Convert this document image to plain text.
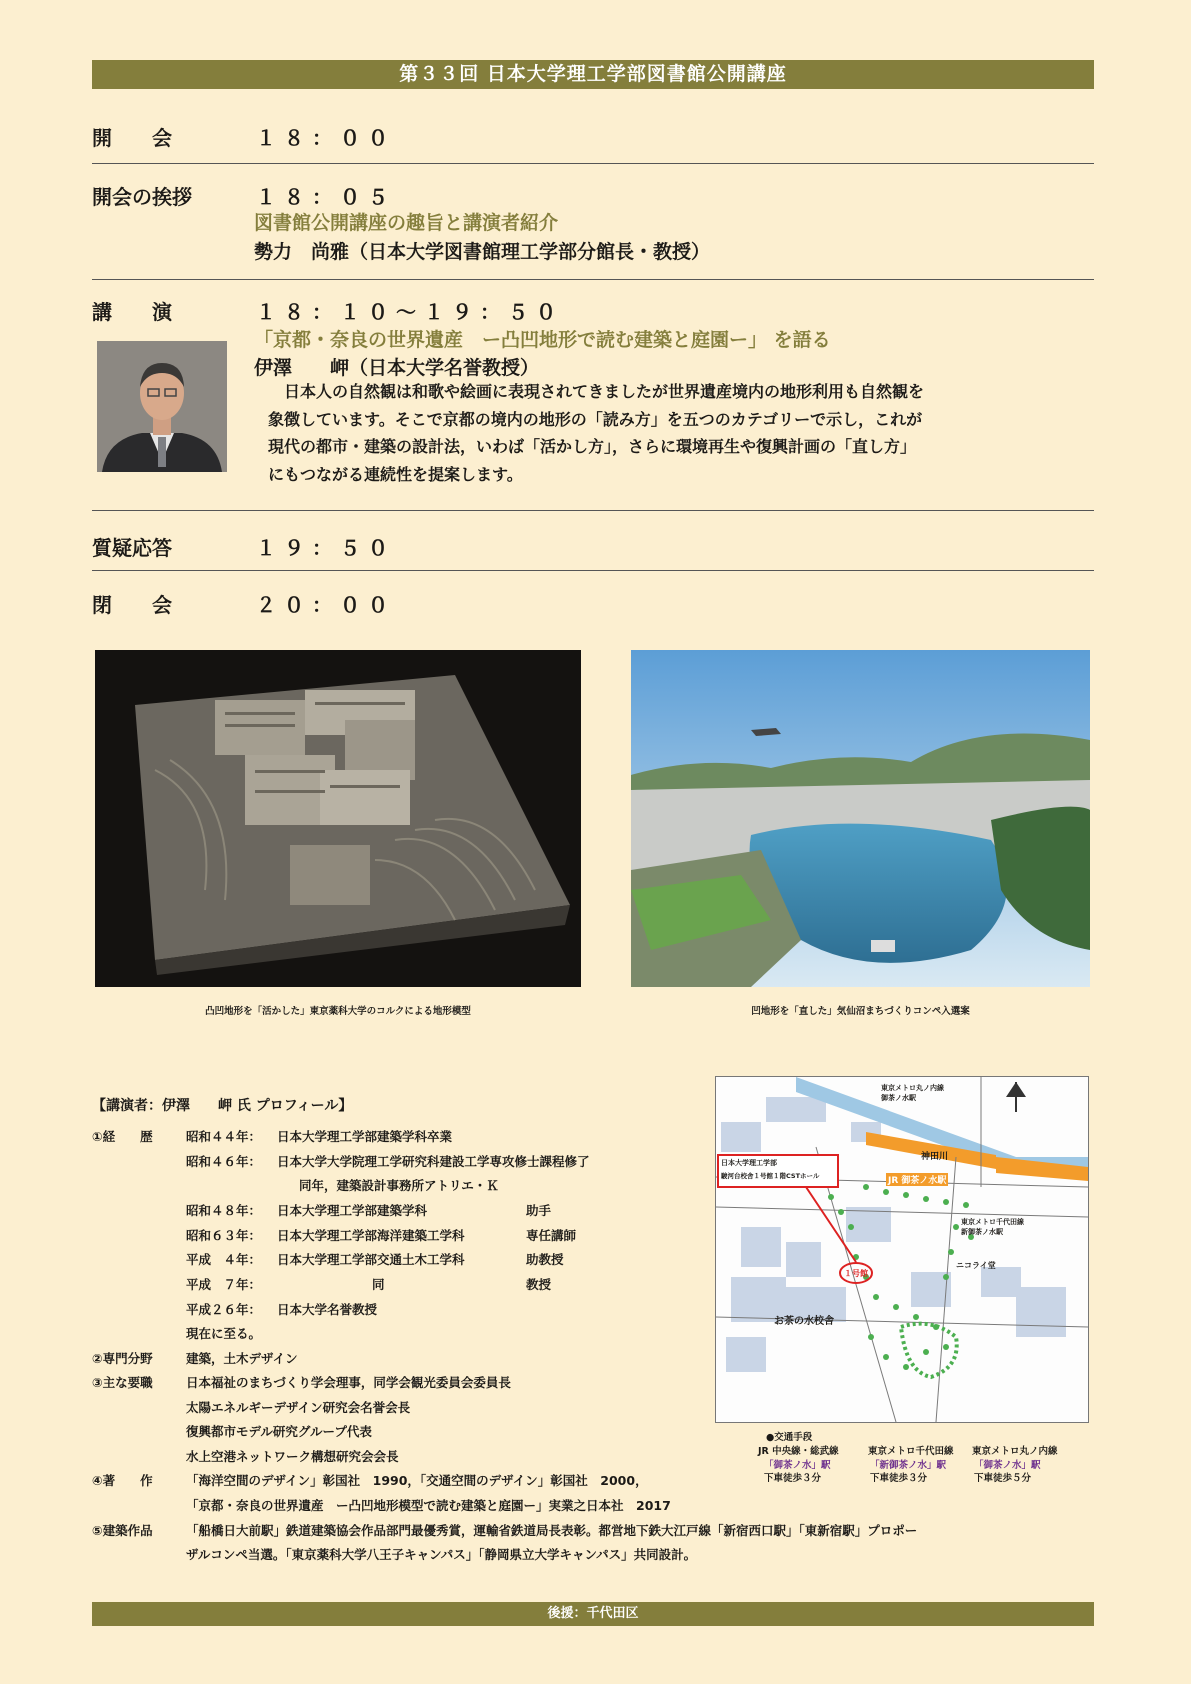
第３３回 日本大学理工学部図書館公開講座
開　　会	１８：００
開会の挨拶	１８：０５
図書館公開講座の趣旨と講演者紹介
勢力　尚雅（日本大学図書館理工学部分館長・教授）
講　　演	１８：１０～１９：５０
「京都・奈良の世界遺産　ー凸凹地形で読む建築と庭園ー」 を語る
伊澤　　岬（日本大学名誉教授）
日本人の自然観は和歌や絵画に表現されてきましたが世界遺産境内の地形利用も自然観を
象徴しています。そこで京都の境内の地形の「読み方」を五つのカテゴリーで示し，これが
現代の都市・建築の設計法，いわば「活かし方」，さらに環境再生や復興計画の「直し方」
にもつながる連続性を提案します。
質疑応答	１９：５０
閉　　会	２０：００
凸凹地形を「活かした」東京薬科大学のコルクによる地形模型	凹地形を「直した」気仙沼まちづくりコンペ入選案
【講演者：伊澤　　岬 氏 プロフィール】
①経　　歴	昭和４４年： 日本大学理工学部建築学科卒業
昭和４６年： 日本大学大学院理工学研究科建設工学専攻修士課程修了
同年，建築設計事務所アトリエ・Ｋ
昭和４８年： 日本大学理工学部建築学科	助手
昭和６３年： 日本大学理工学部海洋建築工学科	専任講師
平成　４年： 日本大学理工学部交通土木工学科	助教授
平成　７年：	同	教授
平成２６年： 日本大学名誉教授
現在に至る。
②専門分野	建築，土木デザイン
③主な要職	日本福祉のまちづくり学会理事，同学会観光委員会委員長
太陽エネルギーデザイン研究会名誉会長
復興都市モデル研究グループ代表
水上空港ネットワーク構想研究会会長
④著　　作	「海洋空間のデザイン」彰国社　1990，「交通空間のデザイン」彰国社　2000，
「京都・奈良の世界遺産　ー凸凹地形模型で読む建築と庭園ー」実業之日本社　2017
⑤建築作品	「船橋日大前駅」鉄道建築協会作品部門最優秀賞，運輸省鉄道局長表彰。都営地下鉄大江戸線「新宿西口駅」「東新宿駅」プロポー
ザルコンペ当選。「東京薬科大学八王子キャンパス」「静岡県立大学キャンパス」共同設計。
神田川
JR 御茶ノ水駅
日本大学理工学部
駿河台校舎１号館１階CSTホール
１号館
お茶の水校舎
東京メトロ丸ノ内線
御茶ノ水駅
東京メトロ千代田線
新御茶ノ水駅
ニコライ堂
●交通手段
JR 中央線・総武線
「御茶ノ水」駅
下車徒歩３分
東京メトロ千代田線
「新御茶ノ水」駅
下車徒歩３分
東京メトロ丸ノ内線
「御茶ノ水」駅
下車徒歩５分
後援：千代田区
